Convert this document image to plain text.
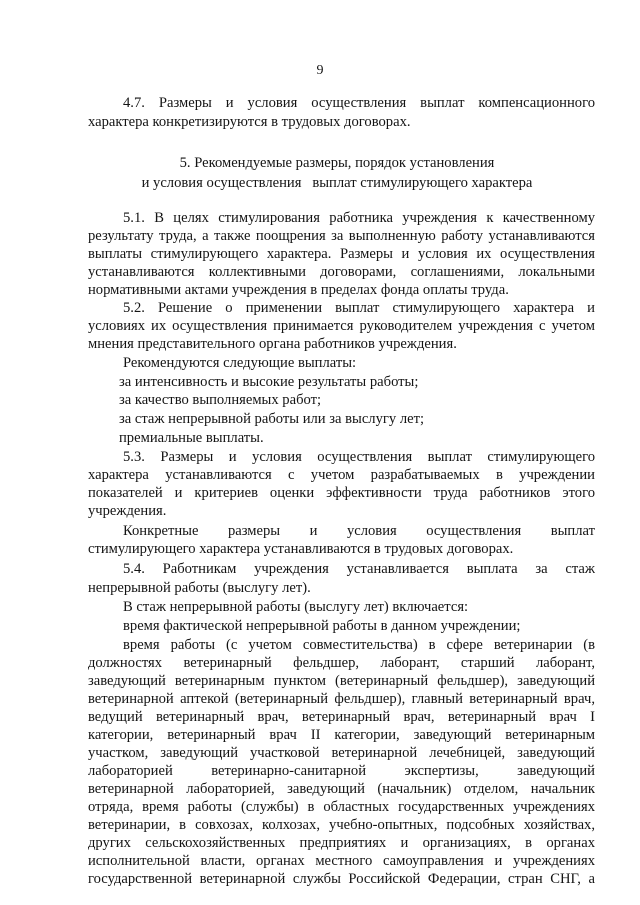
9
4.7. Размеры и условия осуществления выплат компенсационного
характера конкретизируются в трудовых договорах.
5. Рекомендуемые размеры, порядок установления
и условия осуществления   выплат стимулирующего характера
5.1. В целях стимулирования работника учреждения к качественному
результату труда, а также поощрения за выполненную работу устанавливаются
выплаты стимулирующего характера. Размеры и условия их осуществления
устанавливаются коллективными договорами, соглашениями, локальными
нормативными актами учреждения в пределах фонда оплаты труда.
5.2. Решение о применении выплат стимулирующего характера и
условиях их осуществления принимается руководителем учреждения с учетом
мнения представительного органа работников учреждения.
Рекомендуются следующие выплаты:
за интенсивность и высокие результаты работы;
за качество выполняемых работ;
за стаж непрерывной работы или за выслугу лет;
премиальные выплаты.
5.3. Размеры и условия осуществления выплат стимулирующего
характера устанавливаются с учетом разрабатываемых в учреждении
показателей и критериев оценки эффективности труда работников этого
учреждения.
Конкретные размеры и условия осуществления выплат
стимулирующего характера устанавливаются в трудовых договорах.
5.4. Работникам учреждения устанавливается выплата за стаж
непрерывной работы (выслугу лет).
В стаж непрерывной работы (выслугу лет) включается:
время фактической непрерывной работы в данном учреждении;
время работы (с учетом совместительства) в сфере ветеринарии (в
должностях ветеринарный фельдшер, лаборант, старший лаборант,
заведующий ветеринарным пунктом (ветеринарный фельдшер), заведующий
ветеринарной аптекой (ветеринарный фельдшер), главный ветеринарный врач,
ведущий ветеринарный врач, ветеринарный врач, ветеринарный врач I
категории, ветеринарный врач II категории, заведующий ветеринарным
участком, заведующий участковой ветеринарной лечебницей, заведующий
лабораторией ветеринарно-санитарной экспертизы, заведующий
ветеринарной лабораторией, заведующий (начальник) отделом, начальник
отряда, время работы (службы) в областных государственных учреждениях
ветеринарии, в совхозах, колхозах, учебно-опытных, подсобных хозяйствах,
других сельскохозяйственных предприятиях и организациях, в органах
исполнительной власти, органах местного самоуправления и учреждениях
государственной ветеринарной службы Российской Федерации, стран СНГ, а
